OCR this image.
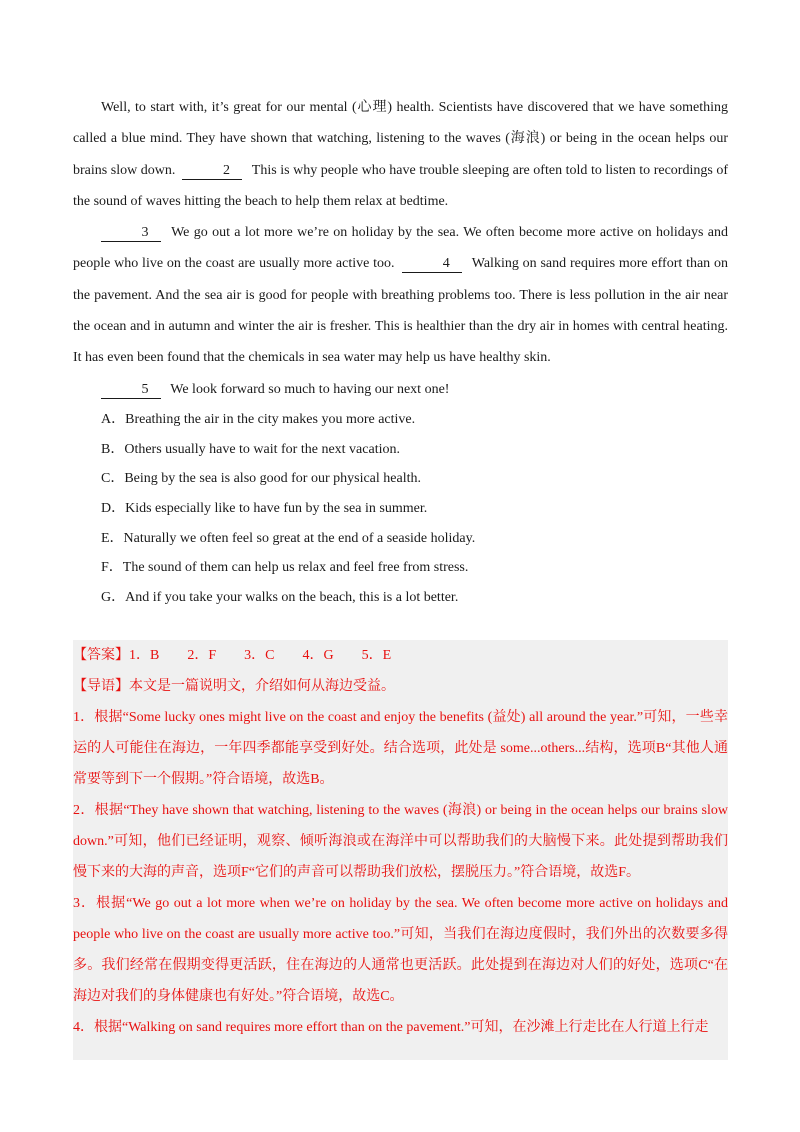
Well, to start with, it’s great for our mental (心理) health. Scientists have discovered that we have something called a blue mind. They have shown that watching, listening to the waves (海浪) or being in the ocean helps our brains slow down.	2 This is why people who have trouble sleeping are often told to listen to recordings of the sound of waves hitting the beach to help them relax at bedtime.

3 We go out a lot more we’re on holiday by the sea. We often become more active on holidays and people who live on the coast are usually more active too.	4 Walking on sand requires more effort than on the pavement. And the sea air is good for people with breathing problems too. There is less pollution in the air near the ocean and in autumn and winter the air is fresher. This is healthier than the dry air in homes with central heating. It has even been found that the chemicals in sea water may help us have healthy skin.

5 We look forward so much to having our next one!

A．Breathing the air in the city makes you more active.
B．Others usually have to wait for the next vacation.
C．Being by the sea is also good for our physical health.
D．Kids especially like to have fun by the sea in summer.
E．Naturally we often feel so great at the end of a seaside holiday.
F．The sound of them can help us relax and feel free from stress.
G．And if you take your walks on the beach, this is a lot better.

【答案】1．B　　2．F　　3．C　　4．G　　5．E

【导语】本文是一篇说明文，介绍如何从海边受益。

1．根据“Some lucky ones might live on the coast and enjoy the benefits (益处) all around the year.”可知，一些幸运的人可能住在海边，一年四季都能享受到好处。结合选项，此处是 some...others...结构，选项B“其他人通常要等到下一个假期。”符合语境，故选B。

2．根据“They have shown that watching, listening to the waves (海浪) or being in the ocean helps our brains slow down.”可知，他们已经证明，观察、倾听海浪或在海洋中可以帮助我们的大脑慢下来。此处提到帮助我们慢下来的大海的声音，选项F“它们的声音可以帮助我们放松，摆脱压力。”符合语境，故选F。

3．根据“We go out a lot more when we’re on holiday by the sea. We often become more active on holidays and people who live on the coast are usually more active too.”可知，当我们在海边度假时，我们外出的次数要多得多。我们经常在假期变得更活跃，住在海边的人通常也更活跃。此处提到在海边对人们的好处，选项C“在海边对我们的身体健康也有好处。”符合语境，故选C。

4．根据“Walking on sand requires more effort than on the pavement.”可知，在沙滩上行走比在人行道上行走
